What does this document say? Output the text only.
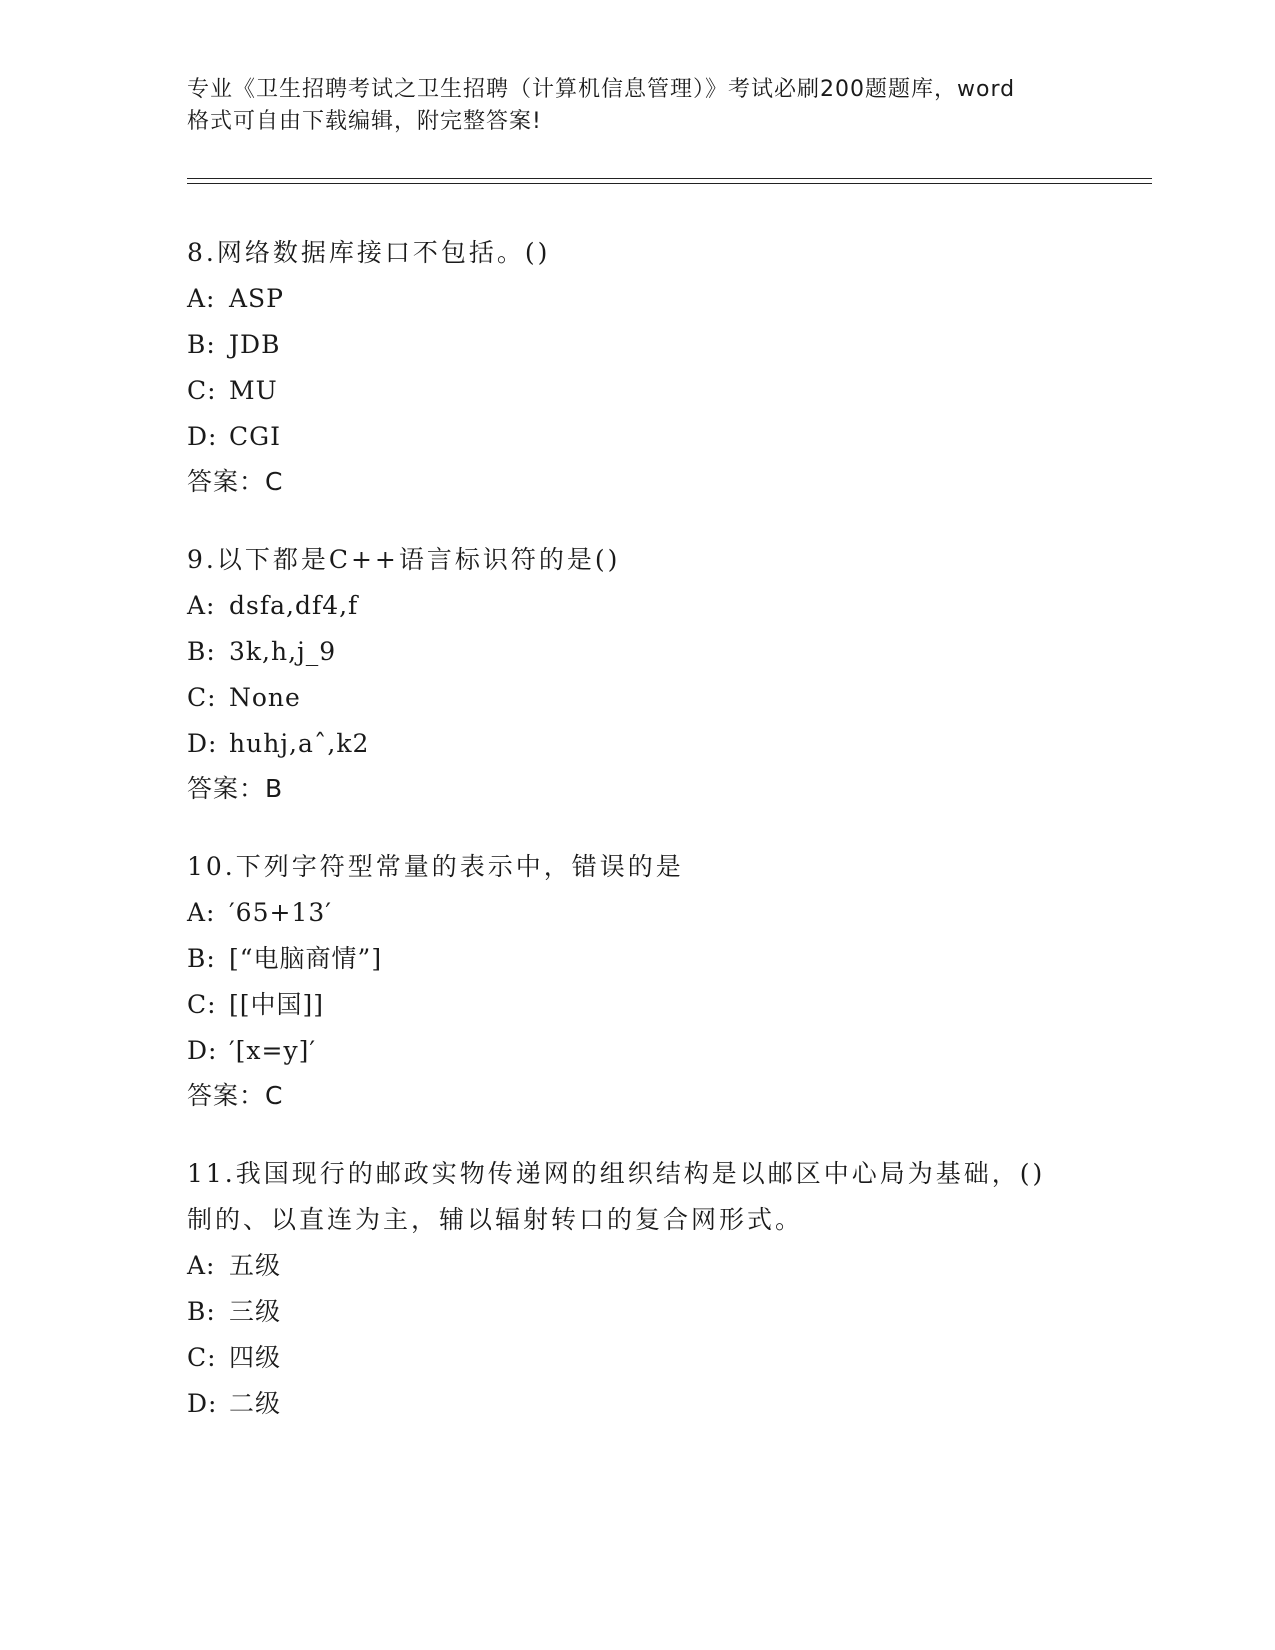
专业《卫生招聘考试之卫生招聘（计算机信息管理）》考试必刷200题题库，word
格式可自由下载编辑，附完整答案!

8.网络数据库接口不包括。()

A: ASP

B: JDB

C: MU

D: CGI

答案：C

9.以下都是C++语言标识符的是()

A: dsfa,df4,f

B: 3k,h,j_9

C: None

D: huhj,aˆ,k2

答案：B

10.下列字符型常量的表示中，错误的是

A: ′65+13′

B: [“电脑商情”]

C: [[中国]]

D: ′[x=y]′

答案：C

11.我国现行的邮政实物传递网的组织结构是以邮区中心局为基础，()制的、以直连为主，辅以辐射转口的复合网形式。

A: 五级

B: 三级

C: 四级

D: 二级
